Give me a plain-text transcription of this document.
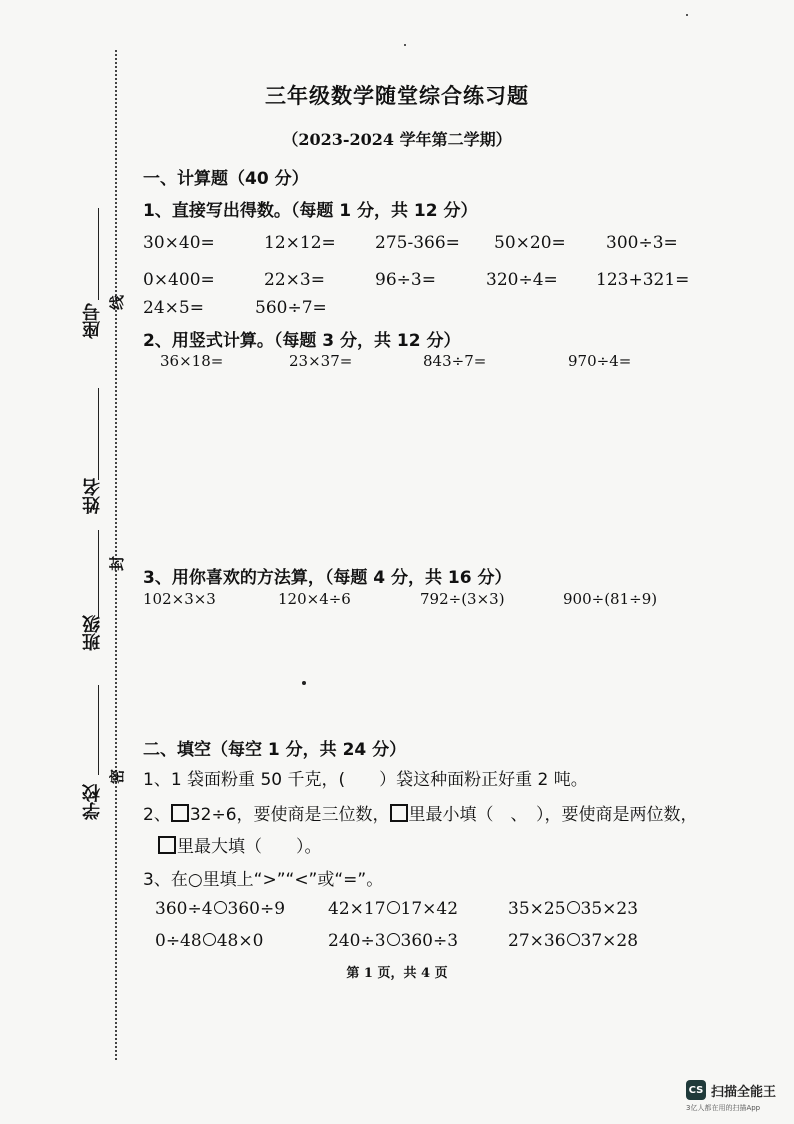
座号
姓名
班级
学校
线
封
密
三年级数学随堂综合练习题
（2023-2024 学年第二学期）
一、计算题（40 分）
1、直接写出得数。（每题 1 分，共 12 分）
30×40=	12×12= 275-366= 50×20= 300÷3=
0×400=	22×3=	96÷3=	320÷4= 123+321=
24×5=	560÷7=
2、用竖式计算。（每题 3 分，共 12 分）
36×18=	23×37=	843÷7=	970÷4=
3、用你喜欢的方法算，（每题 4 分，共 16 分）
102×3×3	120×4÷6	792÷(3×3)	900÷(81÷9)
二、填空（每空 1 分，共 24 分）
1、1 袋面粉重 50 千克，(　　）袋这种面粉正好重 2 吨。
2、 32÷6，要使商是三位数， 里最小填（　、　），要使商是两位数，
里最大填（　　）。
3、在○里填上“>”“<”或“=”。
360÷4 360÷9	42×17 17×42	35×25 35×23
0÷48 48×0	240÷3 360÷3	27×36 37×28
第 1 页，共 4 页
CS 扫描全能王
3亿人都在用的扫描App
